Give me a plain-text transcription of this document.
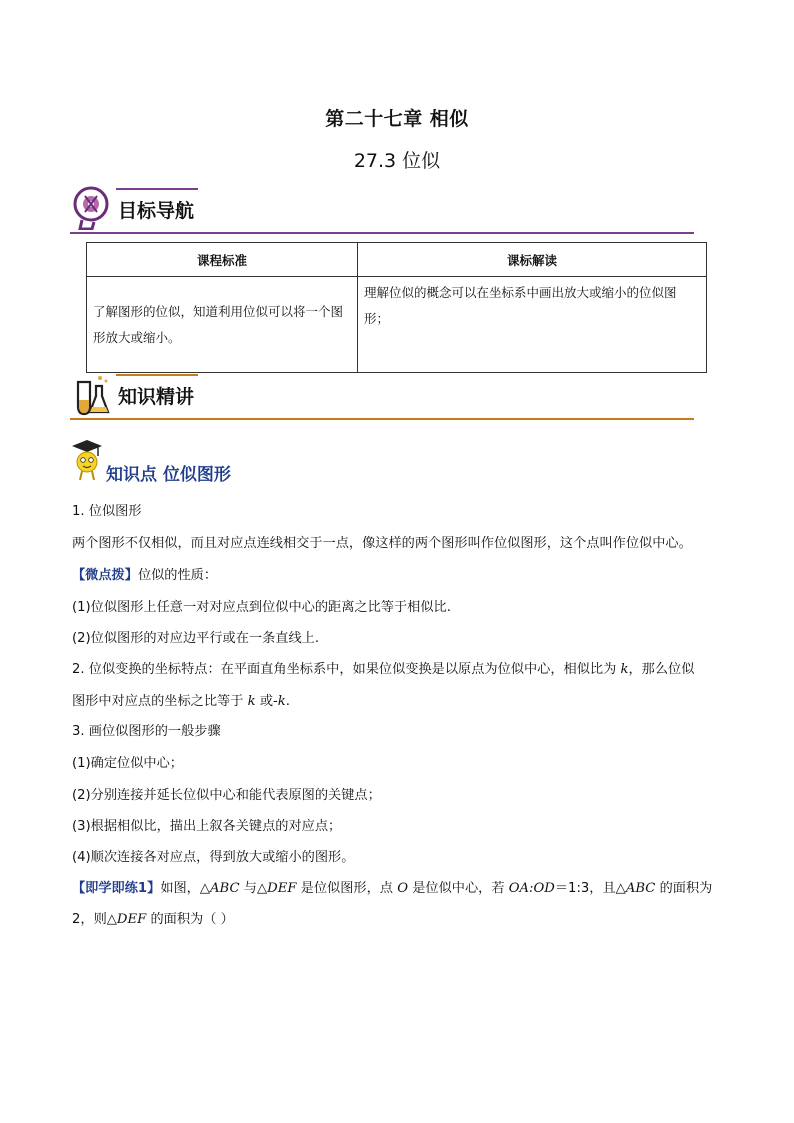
第二十七章 相似
27.3 位似
目标导航
课程标准	课标解读
了解图形的位似，知道利用位似可以将一个图形放大或缩小。	理解位似的概念可以在坐标系中画出放大或缩小的位似图形；
知识精讲
知识点 位似图形
1. 位似图形
两个图形不仅相似，而且对应点连线相交于一点，像这样的两个图形叫作位似图形，这个点叫作位似中心。
【微点拨】位似的性质：
(1)位似图形上任意一对对应点到位似中心的距离之比等于相似比.
(2)位似图形的对应边平行或在一条直线上.
2. 位似变换的坐标特点：在平面直角坐标系中，如果位似变换是以原点为位似中心，相似比为 k，那么位似
图形中对应点的坐标之比等于 k 或-k.
3. 画位似图形的一般步骤
(1)确定位似中心；
(2)分别连接并延长位似中心和能代表原图的关键点；
(3)根据相似比，描出上叙各关键点的对应点；
(4)顺次连接各对应点，得到放大或缩小的图形。
【即学即练1】如图，△ABC 与△DEF 是位似图形，点 O 是位似中心，若 OA:OD＝1:3，且△ABC 的面积为
2，则△DEF 的面积为（ ）
